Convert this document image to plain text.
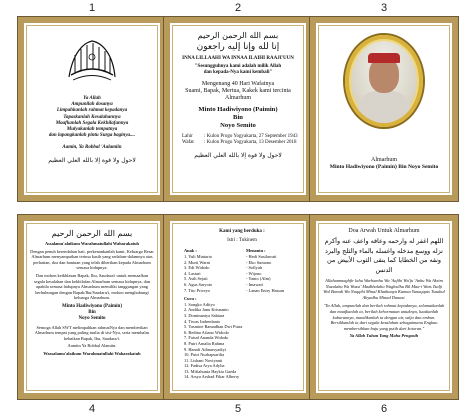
1	2	3
4	5	6
Ya Allah
Ampunilah dosanya
Limpahkanlah rahmat kepadanya
Tapaskanlah Kesalahannya
Maafkanlah Segala Kekhilafannya
Mulyakanlah tempatnya
dan lapangkanlah pintu Surga baginya....
Aamin, Ya Robbal 'Aalamiin
لاحول ولا قوة إلا بالله العلي العظيم
بسم الله الرحمن الرحيم
إنا لله وإنا إليه راجعون
INNA LILLAAHI WA INNAA ILAIHI RAAJI'UUN
"Sesungguhnya kami adalah milik Allah
dan kepada-Nya kami kembali"
Mengenang 40 Hari Wafatnya
Suami, Bapak, Mertua, Kakek kami tercinta
Almarhum
Minto Hadiwiyono (Paimin)
Bin
Noyo Semito
Lahir	: Kulon Progo Yogyakarta, 27 September 1943
Wafat	: Kulon Progo Yogyakarta, 13 Desember 2018
لاحول ولا قوة إلا بالله العلي العظيم
Almarhum
Minto Hadiwiyono (Paimin) Bin Noyo Semito
بسم الله الرحمن الرحيم
Assalamu'alaikum Warahmatullahi Wabarakatuh
Dengan penuh kerendahan hati, perkenankanlah kami, Keluarga Besar Almarhum menyampaikan terima kasih yang sedalam-dalamnya atas perhatian, doa dan bantuan yang telah diberikan kepada Almarhum semasa hidupnya.
Dan mohon keikhlasan Bapak, Ibu, Saudara/i untuk memaafkan segala kesalahan dan kekhilafan Almarhum semasa hidupnya, dan apabila semasa hidupnya Almarhum memiliki tanggungan yang berhubungan dengan Bapak/Ibu/Saudara/i, mohon menghubungi keluarga Almarhum.
Minto Hadiwiyono (Paimin)
Bin
Noyo Semito
Semoga Allah SWT melimpahkan rahmatNya dan memberikan Almarhum tempat yang paling mulia di sisi-Nya, serta membalas kebaikan Bapak, Ibu, Saudara/i.
Aamiin Ya Robbal Alamiin.
Wassalamu'alaikum Warahmatullahi Wabarakatuh
Kami yang berduka :
Istri : Tukinem
Anak :
1. Yuli Mintarto
2. Murti Warni
3. Edi Widodo
4. Lastari
5. Asih Sejati
6. Agus Saryoto
7. Tito Priceyo
Menantu :
- Hedi Susilawati
- Eko Sumono
- Sollyah
- Wijono
- Yanto (Alm)
- Imawati
- Lanan Entry Hassan
Cucu :
1. Songko Adityo
2. Andika Janu Krisnanto
3. Dominantya Sabtara
4. Tiwas Indrenlanto
5. Yasmine Ramadhan Dwi Putra
6. Redina Afiano Widodo
7. Faisal Ananda Widodo
8. Putri Amalia Rahma
9. Hanafi Adinarsyadiyi
10. Putri Nurhapsarilia
11. Lishani Noviyanti
12. Fadisa Arya Adylia
13. Miftahunia Haykia Gaeda
14. Arsya Arshad Fikar Alberry
Doa Arwah Untuk Almarhum
اللهم اغفر له وارحمه وعافه واعف عنه وأكرم نزله ووسع مدخله واغسله بالماء والثلج والبرد ونقه من الخطايا كما ينقى الثوب الأبيض من الدنس
Allahummaghfir lahu Warhamhu Wa 'Aafihi Wa'fu 'Anhu Wa Akrim Nuzulahu Wa Wassi' Madkhalahu Waghsilhu Bil Maa-i Wats Tsalji Wal Baradi Wa Naqqihi Minal Khathaaya Kamaa Yunaqqats Tsaubul Abyadhu Minad Danasi.
"Ya Allah, ampunilah dan berilah rahmat kepadanya, selamatkanlah dan maafkanlah ia, berilah kehormatan untuknya, luaskanlah kuburannya, mandikanlah ia dengan air, salju dan embun. Bersihkanlah ia dari segala kesalahan sebagaimana Engkau membersihkan baju yang putih dari kotoran."
Ya Allah Tuhan Yang Maha Pengasih
